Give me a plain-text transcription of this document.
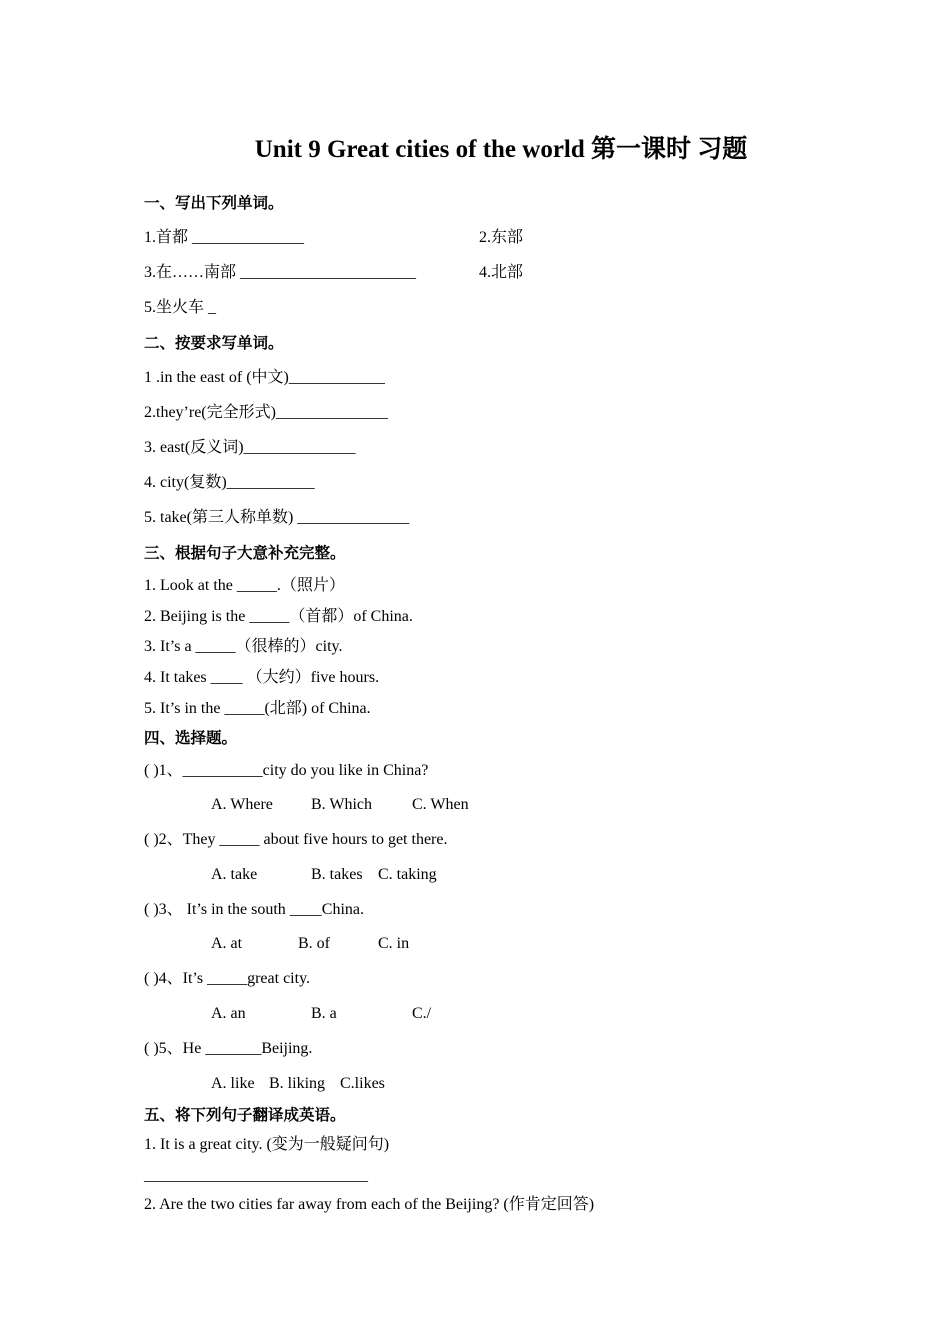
Unit 9 Great cities of the world 第一课时 习题
一、写出下列单词。
1.首都 ______________	2.东部
3.在……南部 ______________________	4.北部
5.坐火车 _
二、按要求写单词。
1 .in the east of (中文)____________
2.they’re(完全形式)______________
3. east(反义词)______________
4. city(复数)___________
5. take(第三人称单数) ______________
三、根据句子大意补充完整。
1. Look at the _____.（照片）
2. Beijing is the _____（首都）of China.
3. It’s a _____（很棒的）city.
4. It takes ____ （大约）five hours.
5. It’s in the _____(北部) of China.
四、选择题。
( )1、__________city do you like in China?
A. Where B. Which C. When
( )2、They _____ about five hours to get there.
A. take	B. takes C. taking
( )3、 It’s in the south ____China.
A. at	B. of	C. in
( )4、It’s _____great city.
A. an	B. a	C./
( )5、He _______Beijing.
A. like B. liking C.likes
五、将下列句子翻译成英语。
1. It is a great city. (变为一般疑问句)
____________________________
2. Are the two cities far away from each of the Beijing? (作肯定回答)
